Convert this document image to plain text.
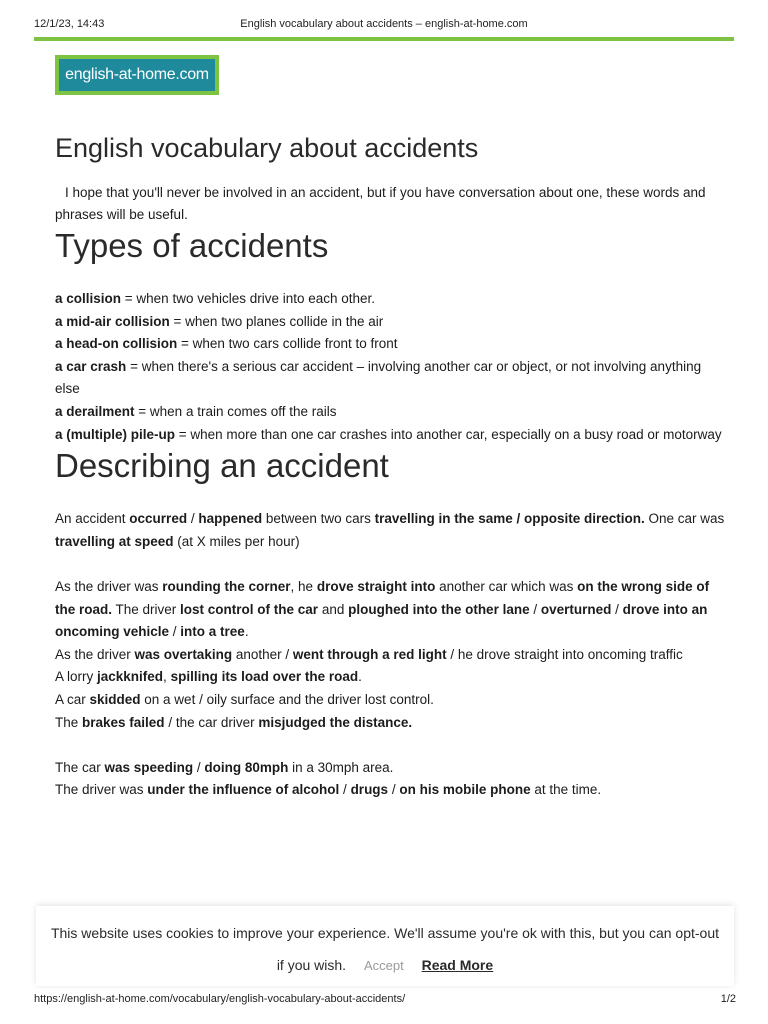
12/1/23, 14:43	English vocabulary about accidents – english-at-home.com
english-at-home.com
English vocabulary about accidents

I hope that you'll never be involved in an accident, but if you have conversation about one, these words and phrases will be useful.

Types of accidents
a collision = when two vehicles drive into each other.
a mid-air collision = when two planes collide in the air
a head-on collision = when two cars collide front to front
a car crash = when there's a serious car accident – involving another car or object, or not involving anything else
a derailment = when a train comes off the rails
a (multiple) pile-up = when more than one car crashes into another car, especially on a busy road or motorway
Describing an accident

An accident occurred / happened between two cars travelling in the same / opposite direction. One car was travelling at speed (at X miles per hour)

As the driver was rounding the corner, he drove straight into another car which was on the wrong side of the road. The driver lost control of the car and ploughed into the other lane / overturned / drove into an oncoming vehicle / into a tree.

As the driver was overtaking another / went through a red light / he drove straight into oncoming traffic

A lorry jackknifed, spilling its load over the road.

A car skidded on a wet / oily surface and the driver lost control.

The brakes failed / the car driver misjudged the distance.

The car was speeding / doing 80mph in a 30mph area.

The driver was under the influence of alcohol / drugs / on his mobile phone at the time.

This website uses cookies to improve your experience. We'll assume you're ok with this, but you can opt-out
if you wish. Accept Read More
https://english-at-home.com/vocabulary/english-vocabulary-about-accidents/	1/2
